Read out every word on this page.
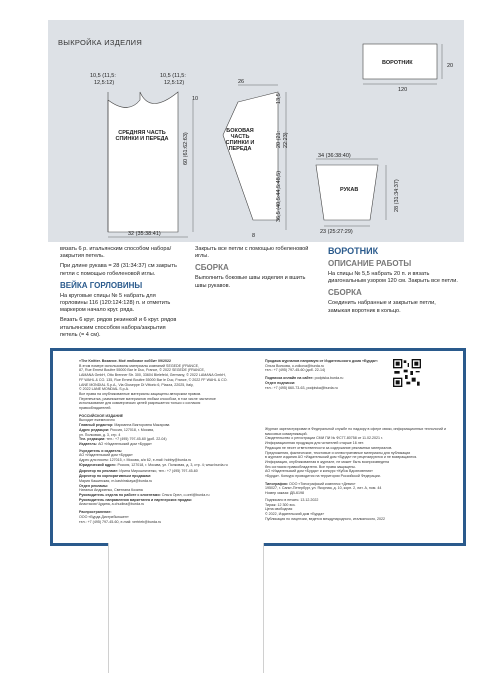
ВЫКРОЙКА ИЗДЕЛИЯ
10,5 (11,5:
12,5:12)
10,5 (11,5:
12,5:12)
10
СРЕДНЯЯ ЧАСТЬ СПИНКИ И ПЕРЕДА	60 (61:62:63)
32 (35:38:41)
26
БОКОВАЯ ЧАСТЬ СПИНКИ И ПЕРЕДА
13,5
20 (21: 22:23)
36,5 (40,5:44,5:48,5)
8
ВОРОТНИК
120
20
34 (36:38:40)
РУКАВ
23 (25:27:29)
28 (31:34:37)

вязать 6 р. итальянским способом набора/закрытия петель.

При длине рукава = 28 (31:34:37) см закрыть петли с помощью гобеленовой иглы.

ВЕЙКА ГОРЛОВИНЫ

На круговые спицы № 5 набрать для горловины 116 (120:124:128) п. и отметить маркером начало круг. ряда.

Вязать 6 круг. рядов резинкой и 6 круг. рядов итальянским способом набора/закрытия петель (= 4 см).

Закрыть все петли с помощью гобеленовой иглы.

СБОРКА

Выполнить боковые швы изделия и вшить швы рукавов.

ВОРОТНИК
ОПИСАНИЕ РАБОТЫ

На спицы № 5,5 набрать 20 п. и вязать диагональным узором 120 см. Закрыть все петли.

СБОРКА

Соединить набранные и закрытые петли, замыкая воротник в кольцо.

«The Knitter. Вязание. Моё любимое хобби» 09/2022
В этом номере использованы материалы компаний SEGEDE (FRANCE,
87, Rue Ernest Boultre 55000 Bar le Duc, France, © 2022 SEGEDE (FRANCE,
LAMANA GmbH, Otto Brenner Str. 300, 33604 Bielefeld, Germany, © 2022 LAMANA GmbH,
FF WAHL & CO. 135, Rue Ernest Boultre 55000 Bar le Duc, France, © 2022 FF WAHL & CO.
LANE MONDIAL S.p.A., Via Giuseppe Di Vittorio 6, Piazza, 22025, Italy,
© 2022 LANE MONDIAL S.p.A.
Все права на опубликованные материалы защищены авторским правом.
Перепечатка, размножение материалов любым способом, в том числе частичное
использование для коммерческих целей разрешается только с согласия
правообладателей.
РОССИЙСКОЕ ИЗДАНИЕ
Выходит ежемесячно
Главный редактор: Марианна Викторовна Макарова
Адрес редакции: Россия, 127018, г. Москва,
ул. Полковая, д. 3, стр. 4
Тел. редакции: тел.: +7 (495) 797-45-60 (доб. 22-04)
Издатель: АО «Издательский дом «Бурда»
Учредитель и издатель:
АО «Издательский дом «Бурда»
Адрес для писем: 127015, г. Москва, а/я 62, e-mail: hobby@burda.ru
Юридический адрес: Россия, 127018, г. Москва, ул. Полковая, д. 3, стр. 4; www.burda.ru
Директор по рекламе: Ирина Мирошниченко, тел.: +7 (495) 797-45-60
Директор по корпоративным продажам:
Мария Кашинская, m.kashinskaya@burda.ru
Отдел рекламы:
Наталья Андриенко, Светлана Козина
Руководитель отдела по работе с клиентами: Ольга Орел, o.orel@burda.ru
Руководитель направления маркетинга и партнерских продаж:
Анастасия Чудина, a.chudina@burda.ru
Распространение:
ООО «Бурда Дистрибьюшен»
тел.: +7 (495) 797-45-60, e-mail: vertrieb@burda.ru
Продажа журналов напрямую от Издательского дома «Бурда»:
Ольга Волкова, o.volkova@burda.ru
тел.: +7 (495) 797-45-60 (доб. 22-14)
Подписка онлайн на сайте: podpiska.burda.ru
Отдел подписки:
тел.: +7 (495) 660-73-63, podpiska@burda.ru
Журнал зарегистрирован в Федеральной службе по надзору в сфере связи, информационных технологий и массовых коммуникаций.
Свидетельство о регистрации СМИ ПИ № ФС77-80758 от 11.02.2021 г.
Информационная продукция для читателей старше 16 лет.
Редакция не несет ответственности за содержание рекламных материалов.
Предложения, фактические, текстовые и иллюстративные материалы для публикации
в журнале издания АО «Издательский дом «Бурда» не рецензируются и не возвращаются.
Информация, опубликованная в журнале, не может быть воспроизведена
без согласия правообладателя. Все права защищены.
АО «Издательский дом «Бурда» и конкурс «Кубок Вдохновения»
«Бурда». Конкурс проводится на территории Российской Федерации.
Типография: ООО «Типографский комплекс «Девиз»
195027, г. Санкт-Петербург, ул. Якорная, д. 10, корп. 2, лит. А, пом. 44
Номер заказа: ДВ-6198
Подписано в печать: 13.12.2022
Тираж: 12 300 экз.
Цена свободная
© 2022, Издательский дом «Бурда»
Публикация по лицензии, ведется международного, итальянского, 2022
